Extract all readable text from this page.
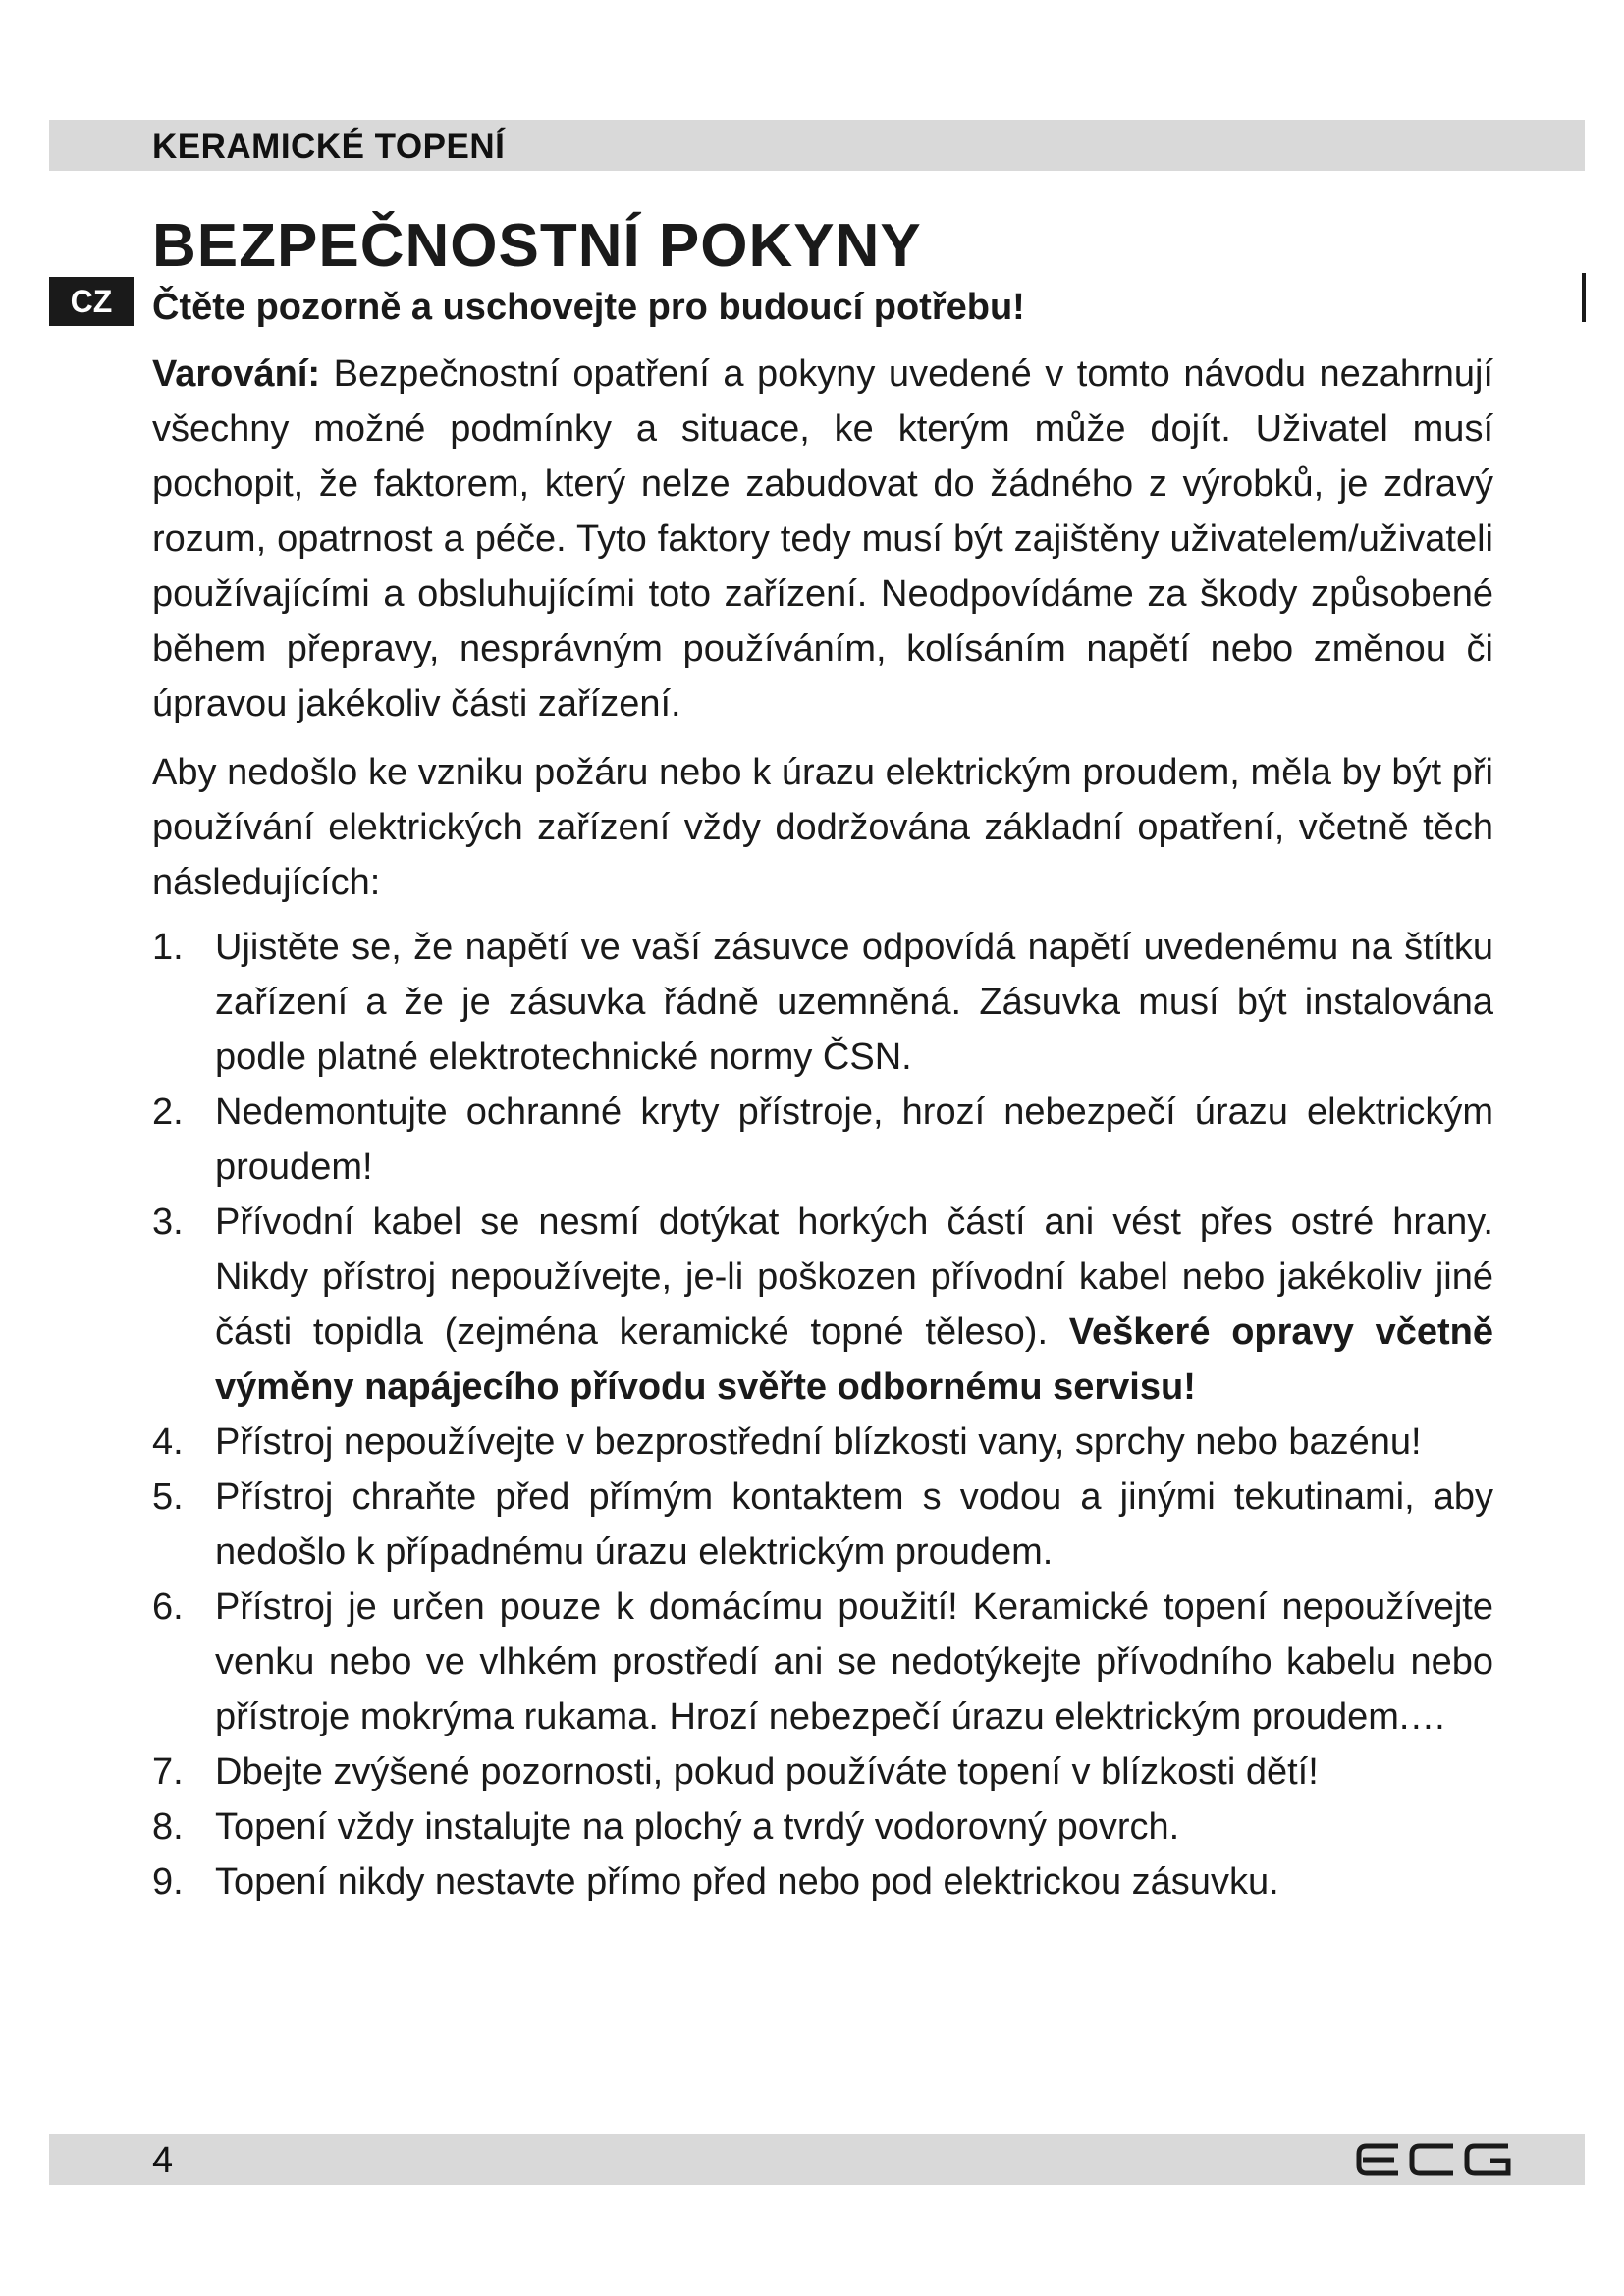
KERAMICKÉ TOPENÍ
CZ
BEZPEČNOSTNÍ POKYNY
Čtěte pozorně a uschovejte pro budoucí potřebu!

Varování: Bezpečnostní opatření a pokyny uvedené v tomto návodu nezahrnují všechny možné podmínky a situace, ke kterým může dojít. Uživatel musí pochopit, že faktorem, který nelze zabudovat do žádného z výrobků, je zdravý rozum, opatrnost a péče. Tyto faktory tedy musí být zajištěny uživatelem/uživateli používajícími a obsluhujícími toto zařízení. Neodpovídáme za škody způsobené během přepravy, nesprávným používáním, kolísáním napětí nebo změnou či úpravou jakékoliv části zařízení.

Aby nedošlo ke vzniku požáru nebo k úrazu elektrickým proudem, měla by být při používání elektrických zařízení vždy dodržována základní opatření, včetně těch následujících:

1. Ujistěte se, že napětí ve vaší zásuvce odpovídá napětí uvedenému na štítku zařízení a že je zásuvka řádně uzemněná. Zásuvka musí být instalována podle platné elektrotechnické normy ČSN.
2. Nedemontujte ochranné kryty přístroje, hrozí nebezpečí úrazu elektrickým proudem!
3. Přívodní kabel se nesmí dotýkat horkých částí ani vést přes ostré hrany. Nikdy přístroj nepoužívejte, je-li poškozen přívodní kabel nebo jakékoliv jiné části topidla (zejména keramické topné těleso). Veškeré opravy včetně výměny napájecího přívodu svěřte odbornému servisu!
4. Přístroj nepoužívejte v bezprostřední blízkosti vany, sprchy nebo bazénu!
5. Přístroj chraňte před přímým kontaktem s vodou a jinými tekutinami, aby nedošlo k případnému úrazu elektrickým proudem.
6. Přístroj je určen pouze k domácímu použití! Keramické topení nepoužívejte venku nebo ve vlhkém prostředí ani se nedotýkejte přívodního kabelu nebo přístroje mokrýma rukama. Hrozí nebezpečí úrazu elektrickým proudem.…
7. Dbejte zvýšené pozornosti, pokud používáte topení v blízkosti dětí!
8. Topení vždy instalujte na plochý a tvrdý vodorovný povrch.
9. Topení nikdy nestavte přímo před nebo pod elektrickou zásuvku.
4
